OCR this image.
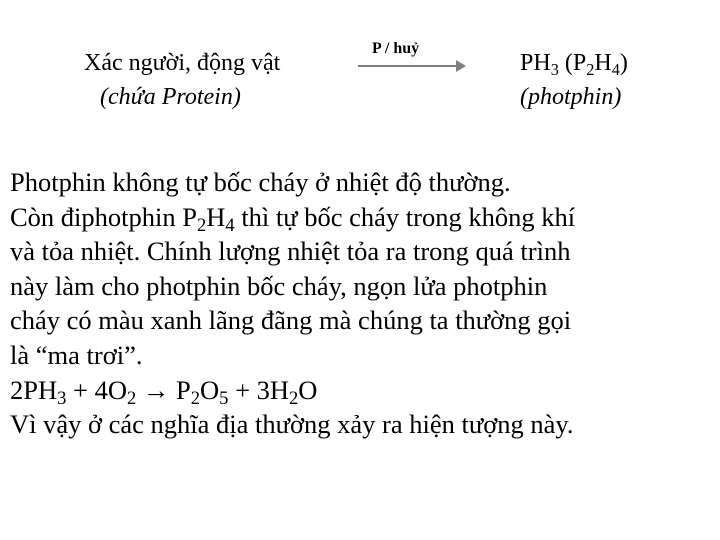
Xác người, động vật
(chứa Protein)
P / huỷ
$PH_3$ $(P_2H_4)$
(photphin)
Photphin không tự bốc cháy ở nhiệt độ thường.
Còn điphotphin P2H4 thì tự bốc cháy trong không khí
và tỏa nhiệt. Chính lượng nhiệt tỏa ra trong quá trình
này làm cho photphin bốc cháy, ngọn lửa photphin
cháy có màu xanh lãng đãng mà chúng ta thường gọi
là “ma trơi”.
2PH3 + 4O2 → P2O5 + 3H2O
Vì vậy ở các nghĩa địa thường xảy ra hiện tượng này.
